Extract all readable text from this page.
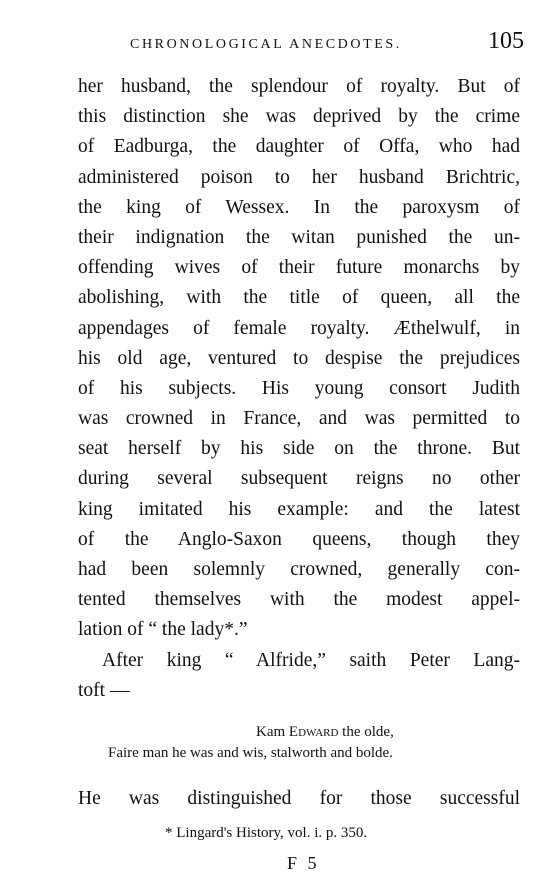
CHRONOLOGICAL ANECDOTES.	105
her husband, the splendour of royalty. But of
this distinction she was deprived by the crime
of Eadburga, the daughter of Offa, who had
administered poison to her husband Brichtric,
the king of Wessex. In the paroxysm of
their indignation the witan punished the un-
offending wives of their future monarchs by
abolishing, with the title of queen, all the
appendages of female royalty. Æthelwulf, in
his old age, ventured to despise the prejudices
of his subjects. His young consort Judith
was crowned in France, and was permitted to
seat herself by his side on the throne. But
during several subsequent reigns no other
king imitated his example: and the latest
of the Anglo-Saxon queens, though they
had been solemnly crowned, generally con-
tented themselves with the modest appel-
lation of “ the lady*.”
After king “ Alfride,” saith Peter Lang-
toft —
Kam Edward the olde,
Faire man he was and wis, stalworth and bolde.
He was distinguished for those successful
* Lingard's History, vol. i. p. 350.
F 5
